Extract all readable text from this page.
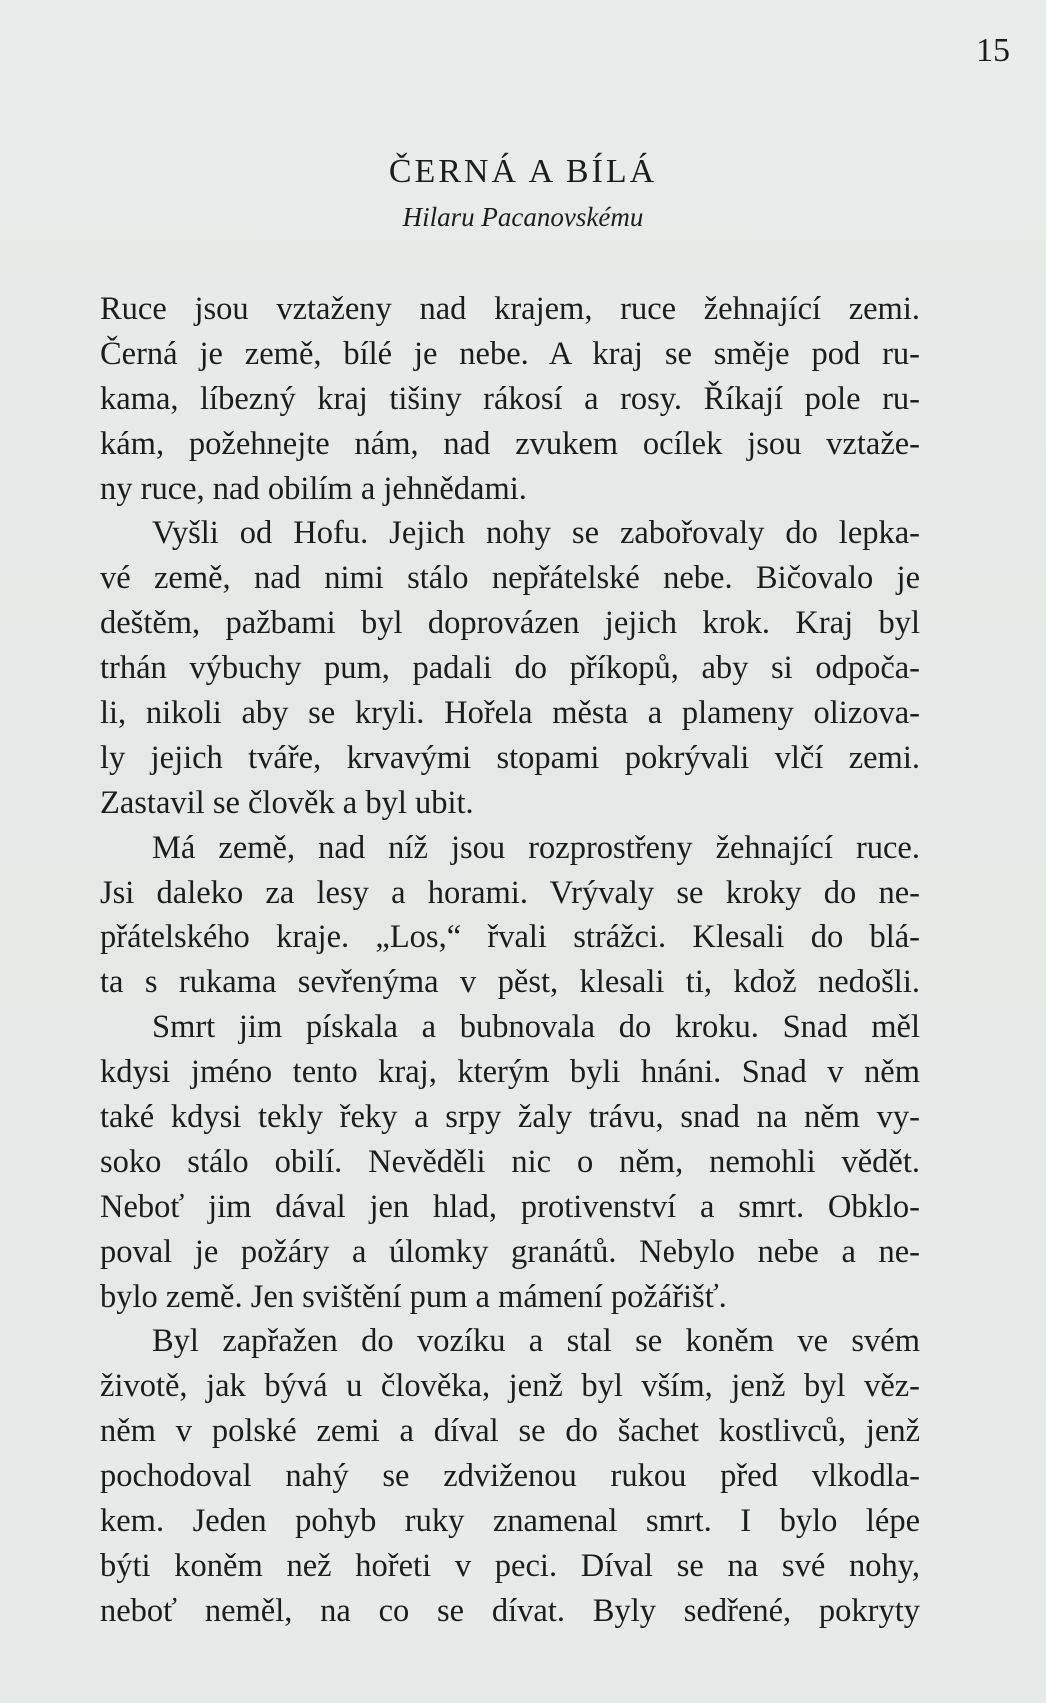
15
ČERNÁ A BÍLÁ
Hilaru Pacanovskému
Ruce jsou vztaženy nad krajem, ruce žehnající zemi.
Černá je země, bílé je nebe. A kraj se směje pod ru-
kama, líbezný kraj tišiny rákosí a rosy. Říkají pole ru-
kám, požehnejte nám, nad zvukem ocílek jsou vztaže-
ny ruce, nad obilím a jehnědami.
Vyšli od Hofu. Jejich nohy se zabořovaly do lepka-
vé země, nad nimi stálo nepřátelské nebe. Bičovalo je
deštěm, pažbami byl doprovázen jejich krok. Kraj byl
trhán výbuchy pum, padali do příkopů, aby si odpoča-
li, nikoli aby se kryli. Hořela města a plameny olizova-
ly jejich tváře, krvavými stopami pokrývali vlčí zemi.
Zastavil se člověk a byl ubit.
Má země, nad níž jsou rozprostřeny žehnající ruce.
Jsi daleko za lesy a horami. Vrývaly se kroky do ne-
přátelského kraje. „Los,“ řvali strážci. Klesali do blá-
ta s rukama sevřenýma v pěst, klesali ti, kdož nedošli.
Smrt jim pískala a bubnovala do kroku. Snad měl
kdysi jméno tento kraj, kterým byli hnáni. Snad v něm
také kdysi tekly řeky a srpy žaly trávu, snad na něm vy-
soko stálo obilí. Nevěděli nic o něm, nemohli vědět.
Neboť jim dával jen hlad, protivenství a smrt. Obklo-
poval je požáry a úlomky granátů. Nebylo nebe a ne-
bylo země. Jen svištění pum a mámení požářišť.
Byl zapřažen do vozíku a stal se koněm ve svém
životě, jak bývá u člověka, jenž byl vším, jenž byl věz-
něm v polské zemi a díval se do šachet kostlivců, jenž
pochodoval nahý se zdviženou rukou před vlkodla-
kem. Jeden pohyb ruky znamenal smrt. I bylo lépe
býti koněm než hořeti v peci. Díval se na své nohy,
neboť neměl, na co se dívat. Byly sedřené, pokryty
